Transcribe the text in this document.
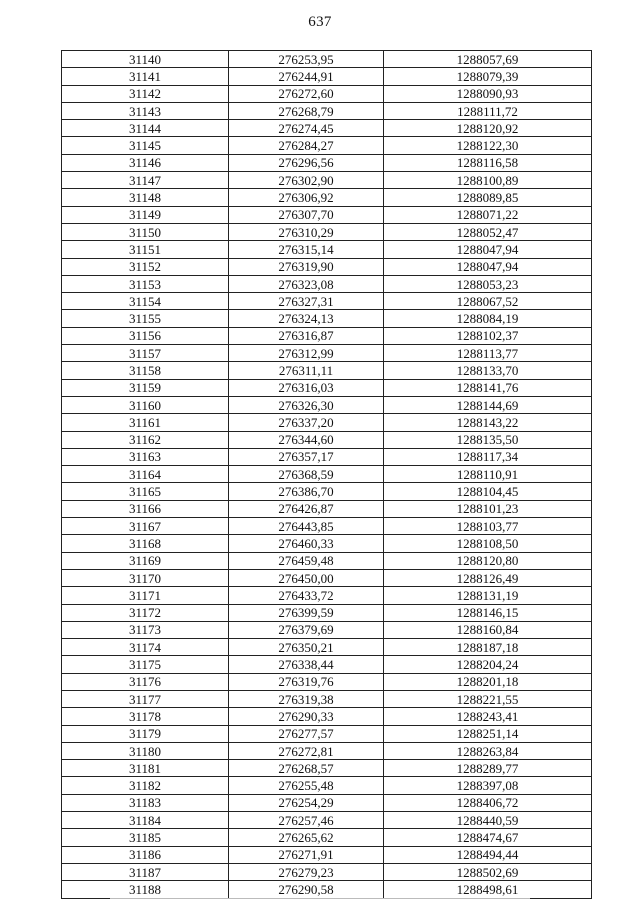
637
31140	276253,95	1288057,69
31141	276244,91	1288079,39
31142	276272,60	1288090,93
31143	276268,79	1288111,72
31144	276274,45	1288120,92
31145	276284,27	1288122,30
31146	276296,56	1288116,58
31147	276302,90	1288100,89
31148	276306,92	1288089,85
31149	276307,70	1288071,22
31150	276310,29	1288052,47
31151	276315,14	1288047,94
31152	276319,90	1288047,94
31153	276323,08	1288053,23
31154	276327,31	1288067,52
31155	276324,13	1288084,19
31156	276316,87	1288102,37
31157	276312,99	1288113,77
31158	276311,11	1288133,70
31159	276316,03	1288141,76
31160	276326,30	1288144,69
31161	276337,20	1288143,22
31162	276344,60	1288135,50
31163	276357,17	1288117,34
31164	276368,59	1288110,91
31165	276386,70	1288104,45
31166	276426,87	1288101,23
31167	276443,85	1288103,77
31168	276460,33	1288108,50
31169	276459,48	1288120,80
31170	276450,00	1288126,49
31171	276433,72	1288131,19
31172	276399,59	1288146,15
31173	276379,69	1288160,84
31174	276350,21	1288187,18
31175	276338,44	1288204,24
31176	276319,76	1288201,18
31177	276319,38	1288221,55
31178	276290,33	1288243,41
31179	276277,57	1288251,14
31180	276272,81	1288263,84
31181	276268,57	1288289,77
31182	276255,48	1288397,08
31183	276254,29	1288406,72
31184	276257,46	1288440,59
31185	276265,62	1288474,67
31186	276271,91	1288494,44
31187	276279,23	1288502,69
31188	276290,58	1288498,61
